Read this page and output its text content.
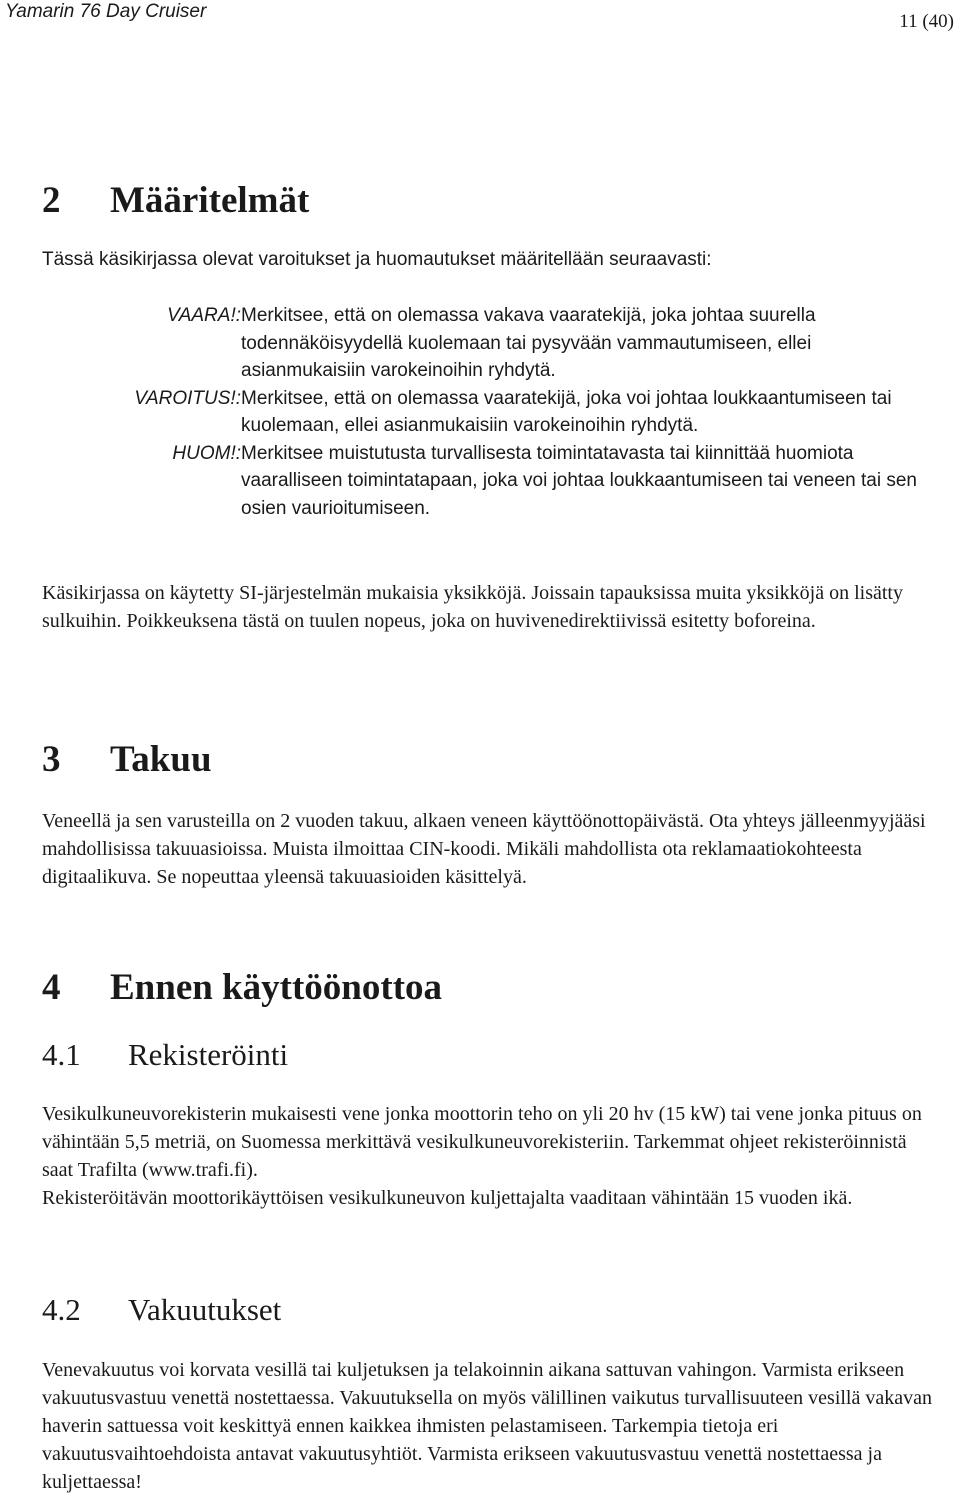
Yamarin 76 Day Cruiser	11 (40)
2 Määritelmät

Tässä käsikirjassa olevat varoitukset ja huomautukset määritellään seuraavasti:

VAARA!: Merkitsee, että on olemassa vakava vaaratekijä, joka johtaa suurella todennäköisyydellä kuolemaan tai pysyvään vammautumiseen, ellei asianmukaisiin varokeinoihin ryhdytä.
VAROITUS!: Merkitsee, että on olemassa vaaratekijä, joka voi johtaa loukkaantumiseen tai kuolemaan, ellei asianmukaisiin varokeinoihin ryhdytä.
HUOM!: Merkitsee muistutusta turvallisesta toimintatavasta tai kiinnittää huomiota vaaralliseen toimintatapaan, joka voi johtaa loukkaantumiseen tai veneen tai sen osien vaurioitumiseen.

Käsikirjassa on käytetty SI-järjestelmän mukaisia yksikköjä. Joissain tapauksissa muita yksikköjä on lisätty sulkuihin. Poikkeuksena tästä on tuulen nopeus, joka on huvivenedirektiivissä esitetty boforeina.

3 Takuu

Veneellä ja sen varusteilla on 2 vuoden takuu, alkaen veneen käyttöönottopäivästä. Ota yhteys jälleenmyyjääsi mahdollisissa takuuasioissa. Muista ilmoittaa CIN-koodi. Mikäli mahdollista ota reklamaatiokohteesta digitaalikuva. Se nopeuttaa yleensä takuuasioiden käsittelyä.

4 Ennen käyttöönottoa
4.1 Rekisteröinti

Vesikulkuneuvorekisterin mukaisesti vene jonka moottorin teho on yli 20 hv (15 kW) tai vene jonka pituus on vähintään 5,5 metriä, on Suomessa merkittävä vesikulkuneuvorekisteriin. Tarkemmat ohjeet rekisteröinnistä saat Trafilta (www.trafi.fi).

Rekisteröitävän moottorikäyttöisen vesikulkuneuvon kuljettajalta vaaditaan vähintään 15 vuoden ikä.

4.2 Vakuutukset

Venevakuutus voi korvata vesillä tai kuljetuksen ja telakoinnin aikana sattuvan vahingon. Varmista erikseen vakuutusvastuu venettä nostettaessa. Vakuutuksella on myös välillinen vaikutus turvallisuuteen vesillä vakavan haverin sattuessa voit keskittyä ennen kaikkea ihmisten pelastamiseen. Tarkempia tietoja eri vakuutusvaihtoehdoista antavat vakuutusyhtiöt. Varmista erikseen vakuutusvastuu venettä nostettaessa ja kuljettaessa!
